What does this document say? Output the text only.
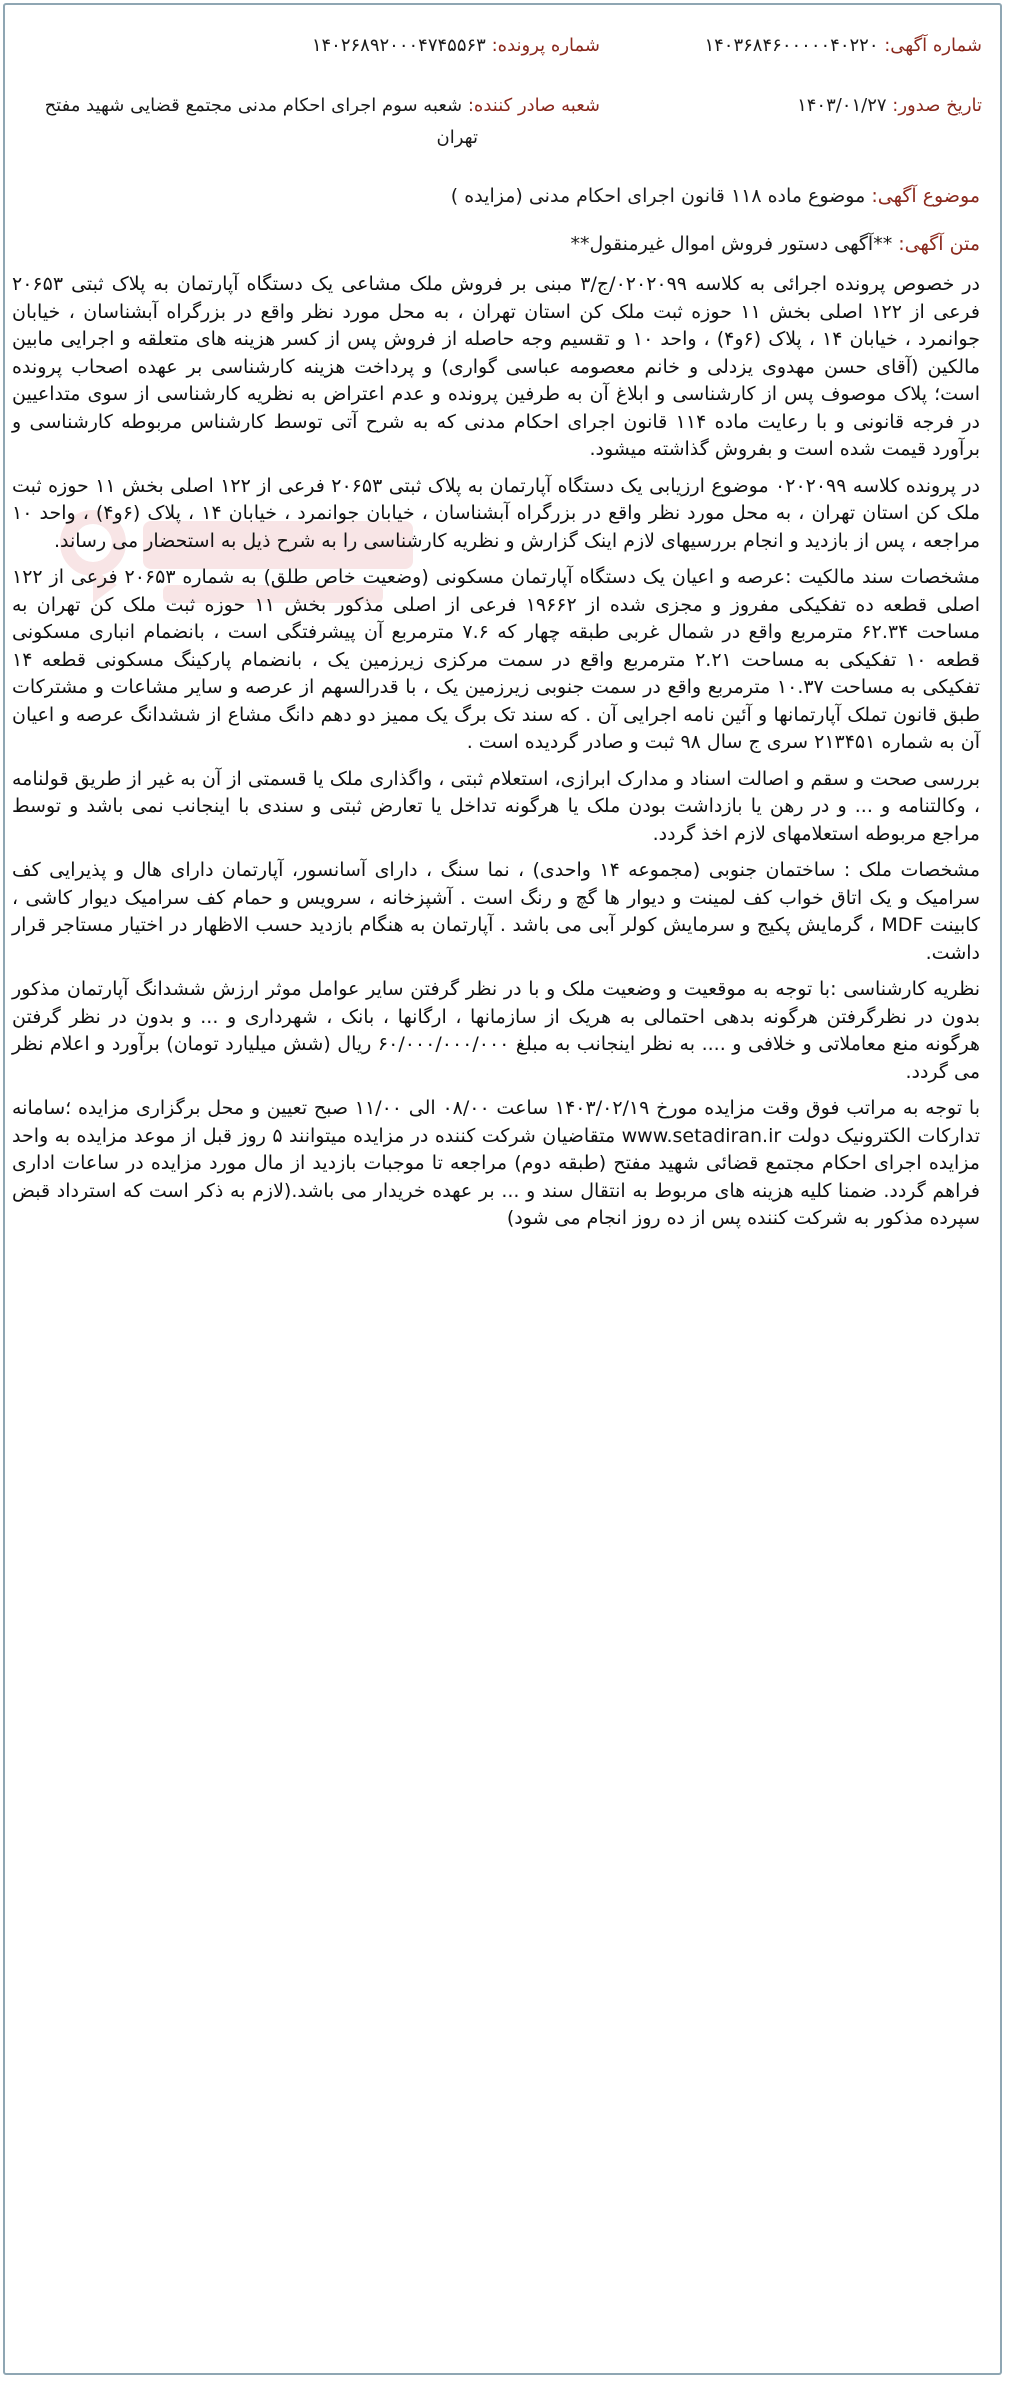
شماره آگهی: ۱۴۰۳۶۸۴۶۰۰۰۰۰۴۰۲۲۰
شماره پرونده: ۱۴۰۲۶۸۹۲۰۰۰۴۷۴۵۵۶۳
تاریخ صدور: ۱۴۰۳/۰۱/۲۷
شعبه صادر کننده: شعبه سوم اجرای احکام مدنی مجتمع قضایی شهید مفتح
تهران
موضوع آگهی: موضوع ماده ۱۱۸ قانون اجرای احکام مدنی (مزایده )
متن آگهی: **آگهی دستور فروش اموال غیرمنقول**

در خصوص پرونده اجرائی به کلاسه ۰۲۰۲۰۹۹/ج/۳ مبنی بر فروش ملک مشاعی یک دستگاه آپارتمان به پلاک ثبتی ۲۰۶۵۳ فرعی از ۱۲۲ اصلی بخش ۱۱ حوزه ثبت ملک کن استان تهران ، به محل مورد نظر واقع در بزرگراه آبشناسان ، خیابان جوانمرد ، خیابان ۱۴ ، پلاک (۶و۴) ، واحد ۱۰ و تقسیم وجه حاصله از فروش پس از کسر هزینه های متعلقه و اجرایی مابین مالکین (آقای حسن مهدوی یزدلی و خانم معصومه عباسی گواری) و پرداخت هزینه کارشناسی بر عهده اصحاب پرونده است؛ پلاک موصوف پس از کارشناسی و ابلاغ آن به طرفین پرونده و عدم اعتراض به نظریه کارشناسی از سوی متداعیین در فرجه قانونی و با رعایت ماده ۱۱۴ قانون اجرای احکام مدنی که به شرح آتی توسط کارشناس مربوطه کارشناسی و برآورد قیمت شده است و بفروش گذاشته میشود.

در پرونده کلاسه ۰۲۰۲۰۹۹ موضوع ارزیابی یک دستگاه آپارتمان به پلاک ثبتی ۲۰۶۵۳ فرعی از ۱۲۲ اصلی بخش ۱۱ حوزه ثبت ملک کن استان تهران ، به محل مورد نظر واقع در بزرگراه آبشناسان ، خیابان جوانمرد ، خیابان ۱۴ ، پلاک (۶و۴) ، واحد ۱۰ مراجعه ، پس از بازدید و انجام بررسیهای لازم اینک گزارش و نظریه کارشناسی را به شرح ذیل به استحضار می رساند.

مشخصات سند مالکیت :عرصه و اعیان یک دستگاه آپارتمان مسکونی (وضعیت خاص طلق) به شماره ۲۰۶۵۳ فرعی از ۱۲۲ اصلی قطعه ده تفکیکی مفروز و مجزی شده از ۱۹۶۶۲ فرعی از اصلی مذکور بخش ۱۱ حوزه ثبت ملک کن تهران به مساحت ۶۲.۳۴ مترمربع واقع در شمال غربی طبقه چهار که ۷.۶ مترمربع آن پیشرفتگی است ، بانضمام انباری مسکونی قطعه ۱۰ تفکیکی به مساحت ۲.۲۱ مترمربع واقع در سمت مرکزی زیرزمین یک ، بانضمام پارکینگ مسکونی قطعه ۱۴ تفکیکی به مساحت ۱۰.۳۷ مترمربع واقع در سمت جنوبی زیرزمین یک ، با قدرالسهم از عرصه و سایر مشاعات و مشترکات طبق قانون تملک آپارتمانها و آئین نامه اجرایی آن . که سند تک برگ یک ممیز دو دهم دانگ مشاع از ششدانگ عرصه و اعیان آن به شماره ۲۱۳۴۵۱ سری ج سال ۹۸ ثبت و صادر گردیده است .

بررسی صحت و سقم و اصالت اسناد و مدارک ابرازی، استعلام ثبتی ، واگذاری ملک یا قسمتی از آن به غیر از طریق قولنامه ، وکالتنامه و ... و در رهن یا بازداشت بودن ملک یا هرگونه تداخل یا تعارض ثبتی و سندی با اینجانب نمی باشد و توسط مراجع مربوطه استعلامهای لازم اخذ گردد.

مشخصات ملک : ساختمان جنوبی (مجموعه ۱۴ واحدی) ، نما سنگ ، دارای آسانسور، آپارتمان دارای هال و پذیرایی کف سرامیک و یک اتاق خواب کف لمینت و دیوار ها گچ و رنگ است . آشپزخانه ، سرویس و حمام کف سرامیک دیوار کاشی ، کابینت MDF ، گرمایش پکیج و سرمایش کولر آبی می باشد . آپارتمان به هنگام بازدید حسب الاظهار در اختیار مستاجر قرار داشت.

نظریه کارشناسی :با توجه به موقعیت و وضعیت ملک و با در نظر گرفتن سایر عوامل موثر ارزش ششدانگ آپارتمان مذکور بدون در نظرگرفتن هرگونه بدهی احتمالی به هریک از سازمانها ، ارگانها ، بانک ، شهرداری و ... و بدون در نظر گرفتن هرگونه منع معاملاتی و خلافی و .... به نظر اینجانب به مبلغ ۶۰/۰۰۰/۰۰۰/۰۰۰ ریال (شش میلیارد تومان) برآورد و اعلام نظر می گردد.

با توجه به مراتب فوق وقت مزایده مورخ ۱۴۰۳/۰۲/۱۹ ساعت ۰۸/۰۰ الی ۱۱/۰۰ صبح تعیین و محل برگزاری مزایده ؛سامانه تدارکات الکترونیک دولت www.setadiran.ir متقاضیان شرکت کننده در مزایده میتوانند ۵ روز قبل از موعد مزایده به واحد مزایده اجرای احکام مجتمع قضائی شهید مفتح (طبقه دوم) مراجعه تا موجبات بازدید از مال مورد مزایده در ساعات اداری فراهم گردد. ضمنا کلیه هزینه های مربوط به انتقال سند و ... بر عهده خریدار می باشد.(لازم به ذکر است که استرداد قبض سپرده مذکور به شرکت کننده پس از ده روز انجام می شود)
